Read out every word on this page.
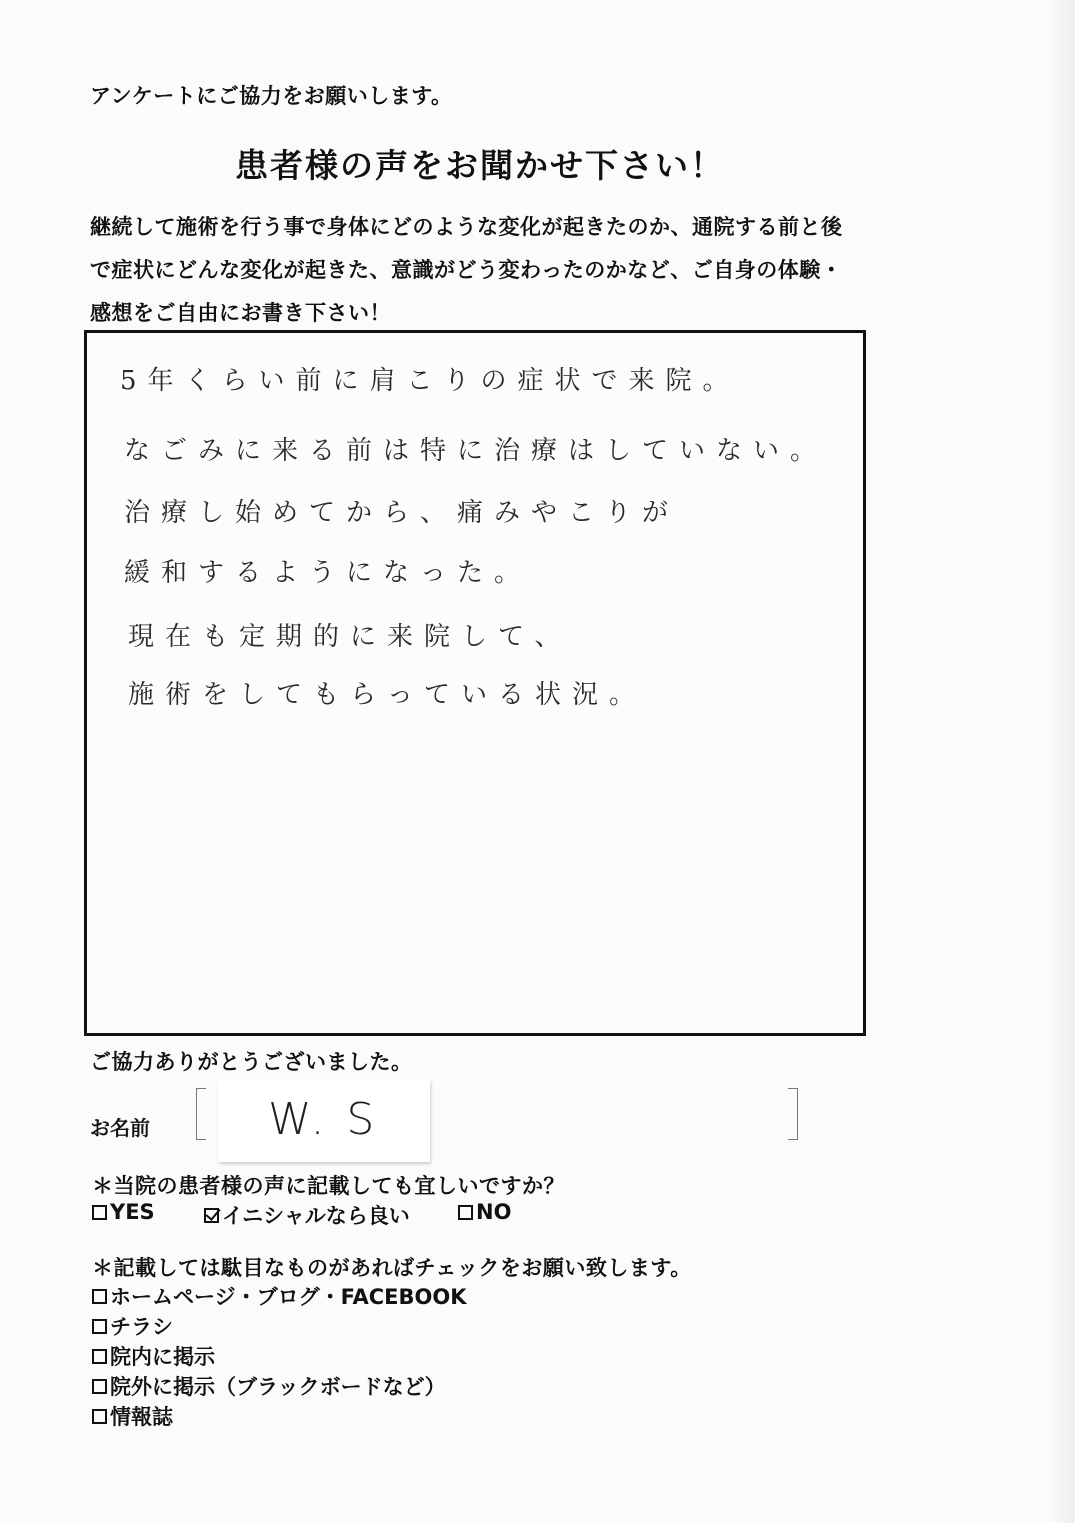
アンケートにご協力をお願いします。
患者様の声をお聞かせ下さい！
継続して施術を行う事で身体にどのような変化が起きたのか、通院する前と後で症状にどんな変化が起きた、意識がどう変わったのかなど、ご自身の体験・感想をご自由にお書き下さい！
5年くらい前に肩こりの症状で来院。
なごみに来る前は特に治療はしていない。
治療し始めてから、痛みやこりが
緩和するようになった。
現在も定期的に来院して、
施術をしてもらっている状況。
ご協力ありがとうございました。
お名前	W. S
＊当院の患者様の声に記載しても宜しいですか？
YES	イニシャルなら良い	NO
＊記載しては駄目なものがあればチェックをお願い致します。
ホームページ・ブログ・FACEBOOK
チラシ
院内に掲示
院外に掲示（ブラックボードなど）
情報誌
